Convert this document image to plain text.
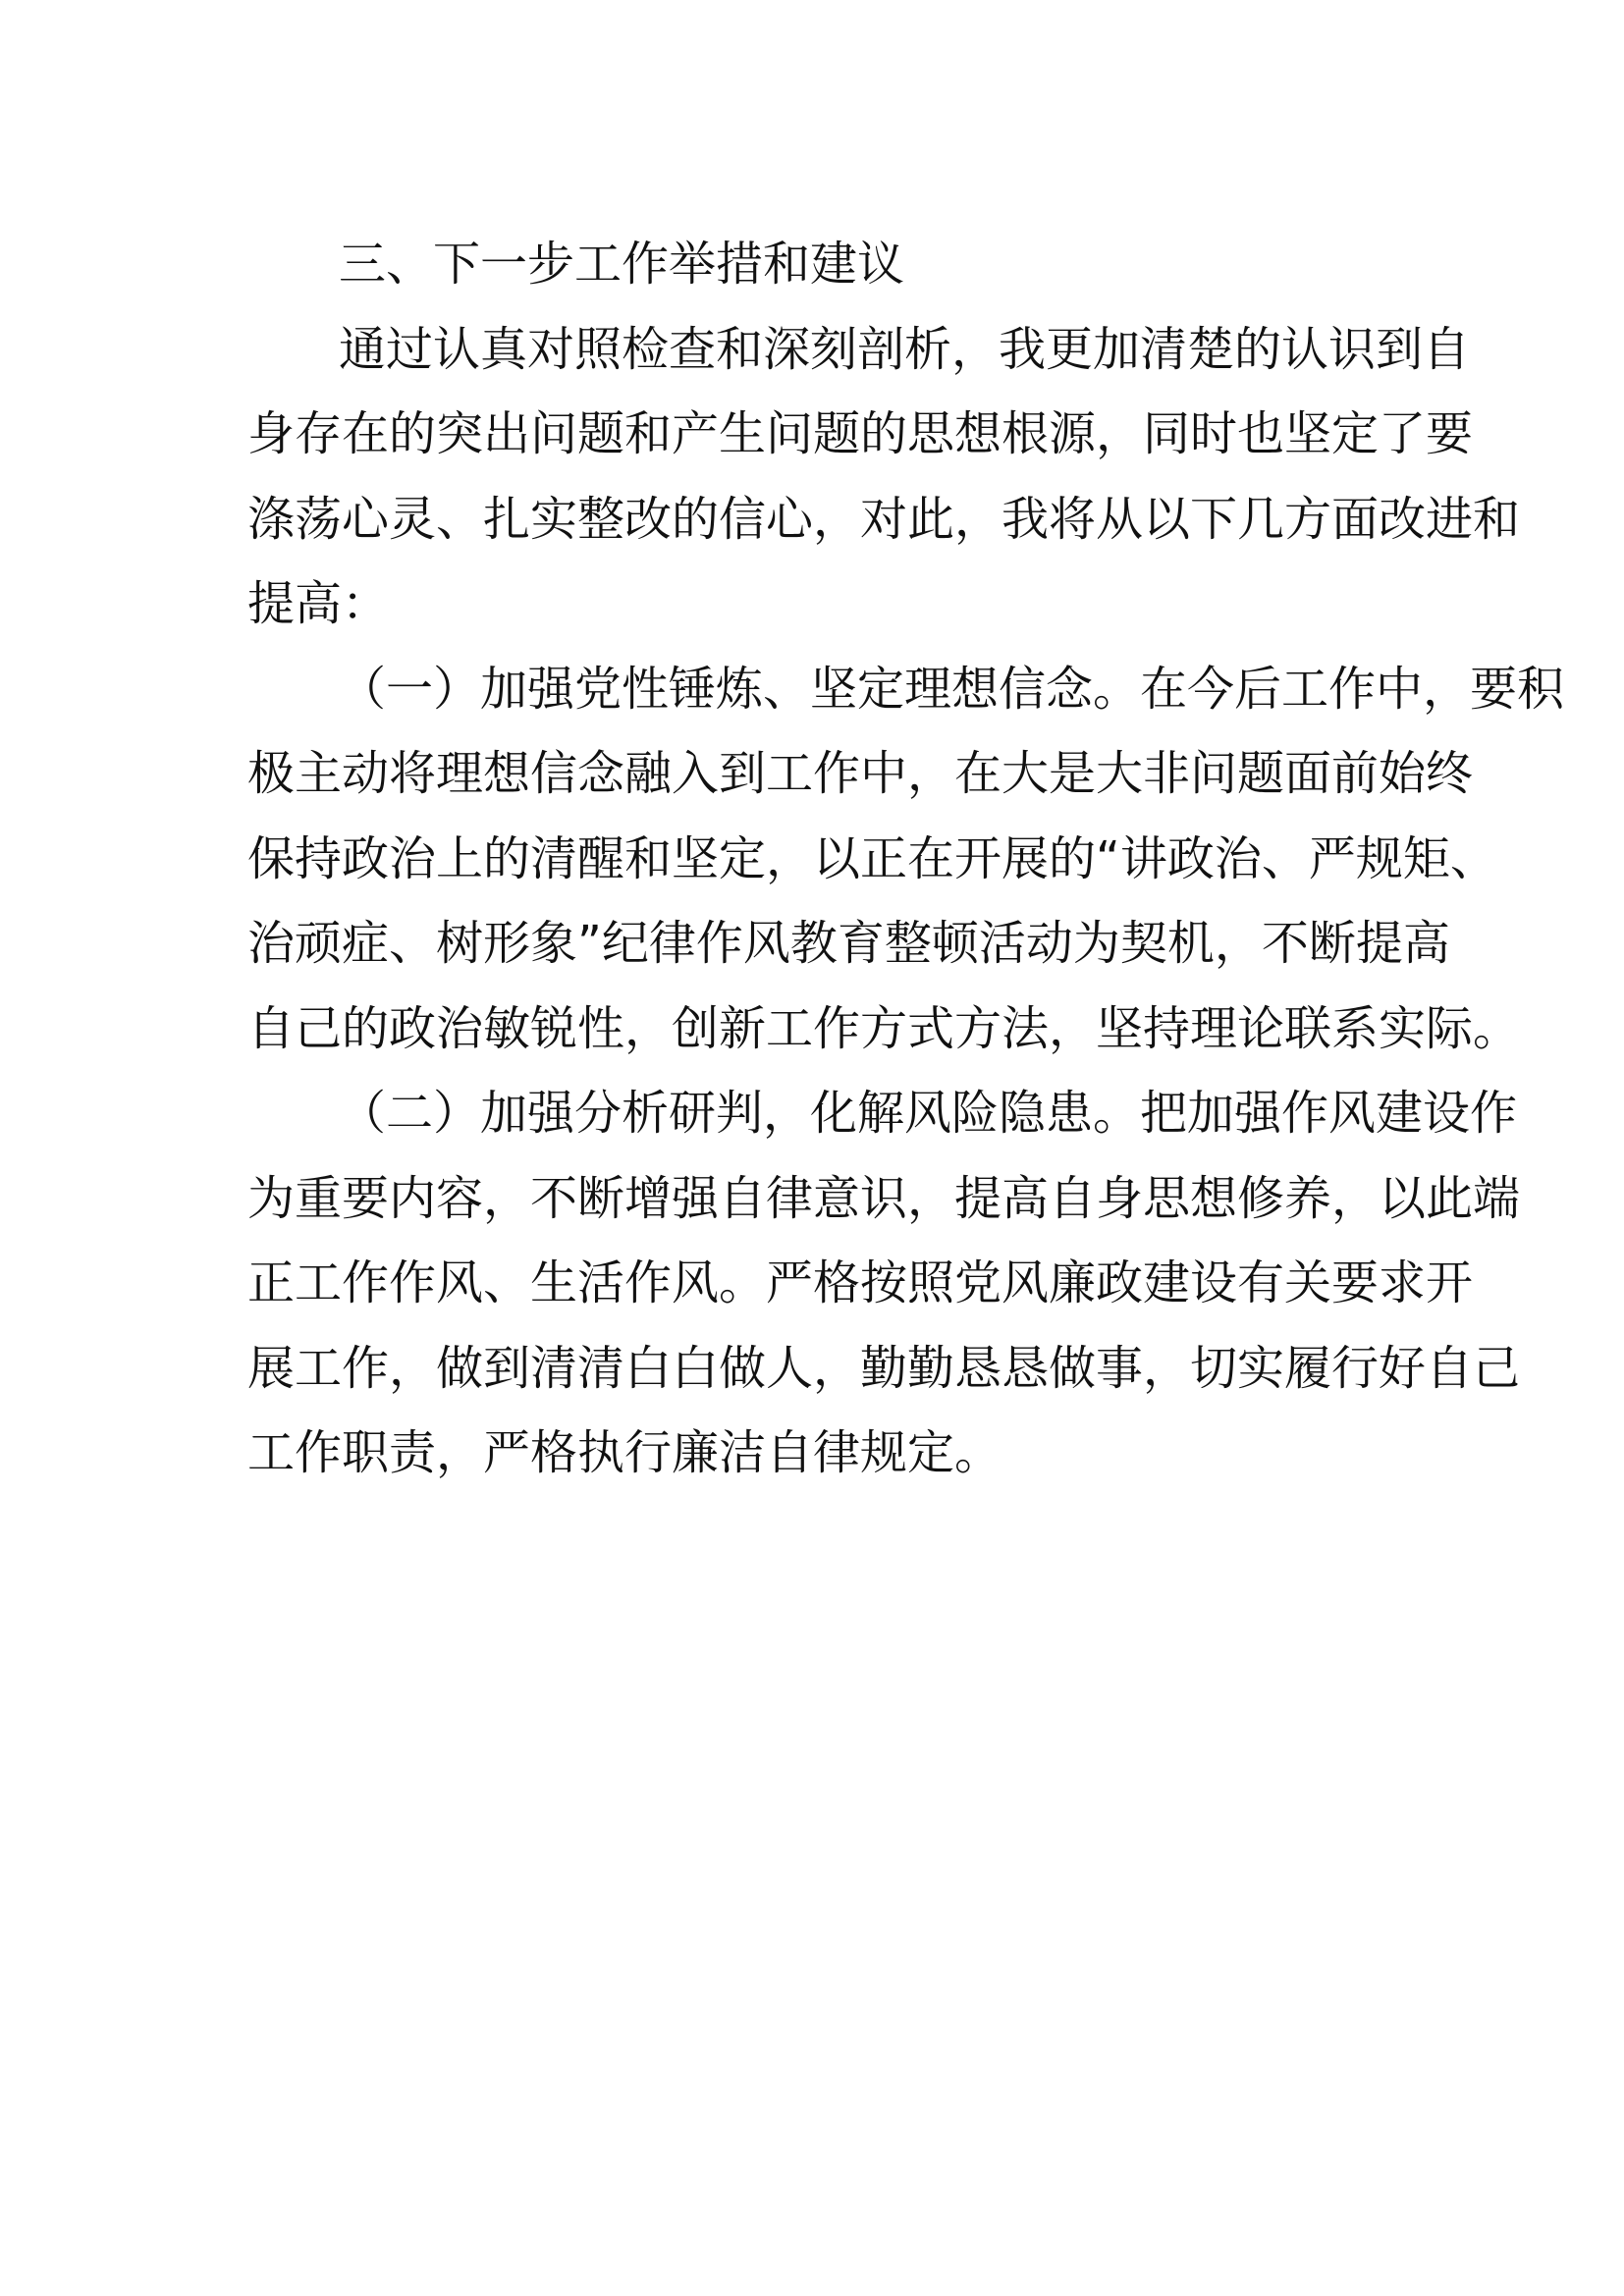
三、下一步工作举措和建议
通过认真对照检查和深刻剖析，我更加清楚的认识到自
身存在的突出问题和产生问题的思想根源，同时也坚定了要
涤荡心灵、扎实整改的信心，对此，我将从以下几方面改进和
提高：
（一）加强党性锤炼、坚定理想信念。在今后工作中，要积
极主动将理想信念融入到工作中，在大是大非问题面前始终
保持政治上的清醒和坚定，以正在开展的“讲政治、严规矩、
治顽症、树形象”纪律作风教育整顿活动为契机，不断提高
自己的政治敏锐性，创新工作方式方法，坚持理论联系实际。
（二）加强分析研判，化解风险隐患。把加强作风建设作
为重要内容，不断增强自律意识，提高自身思想修养，以此端
正工作作风、生活作风。严格按照党风廉政建设有关要求开
展工作，做到清清白白做人，勤勤恳恳做事，切实履行好自己
工作职责，严格执行廉洁自律规定。
